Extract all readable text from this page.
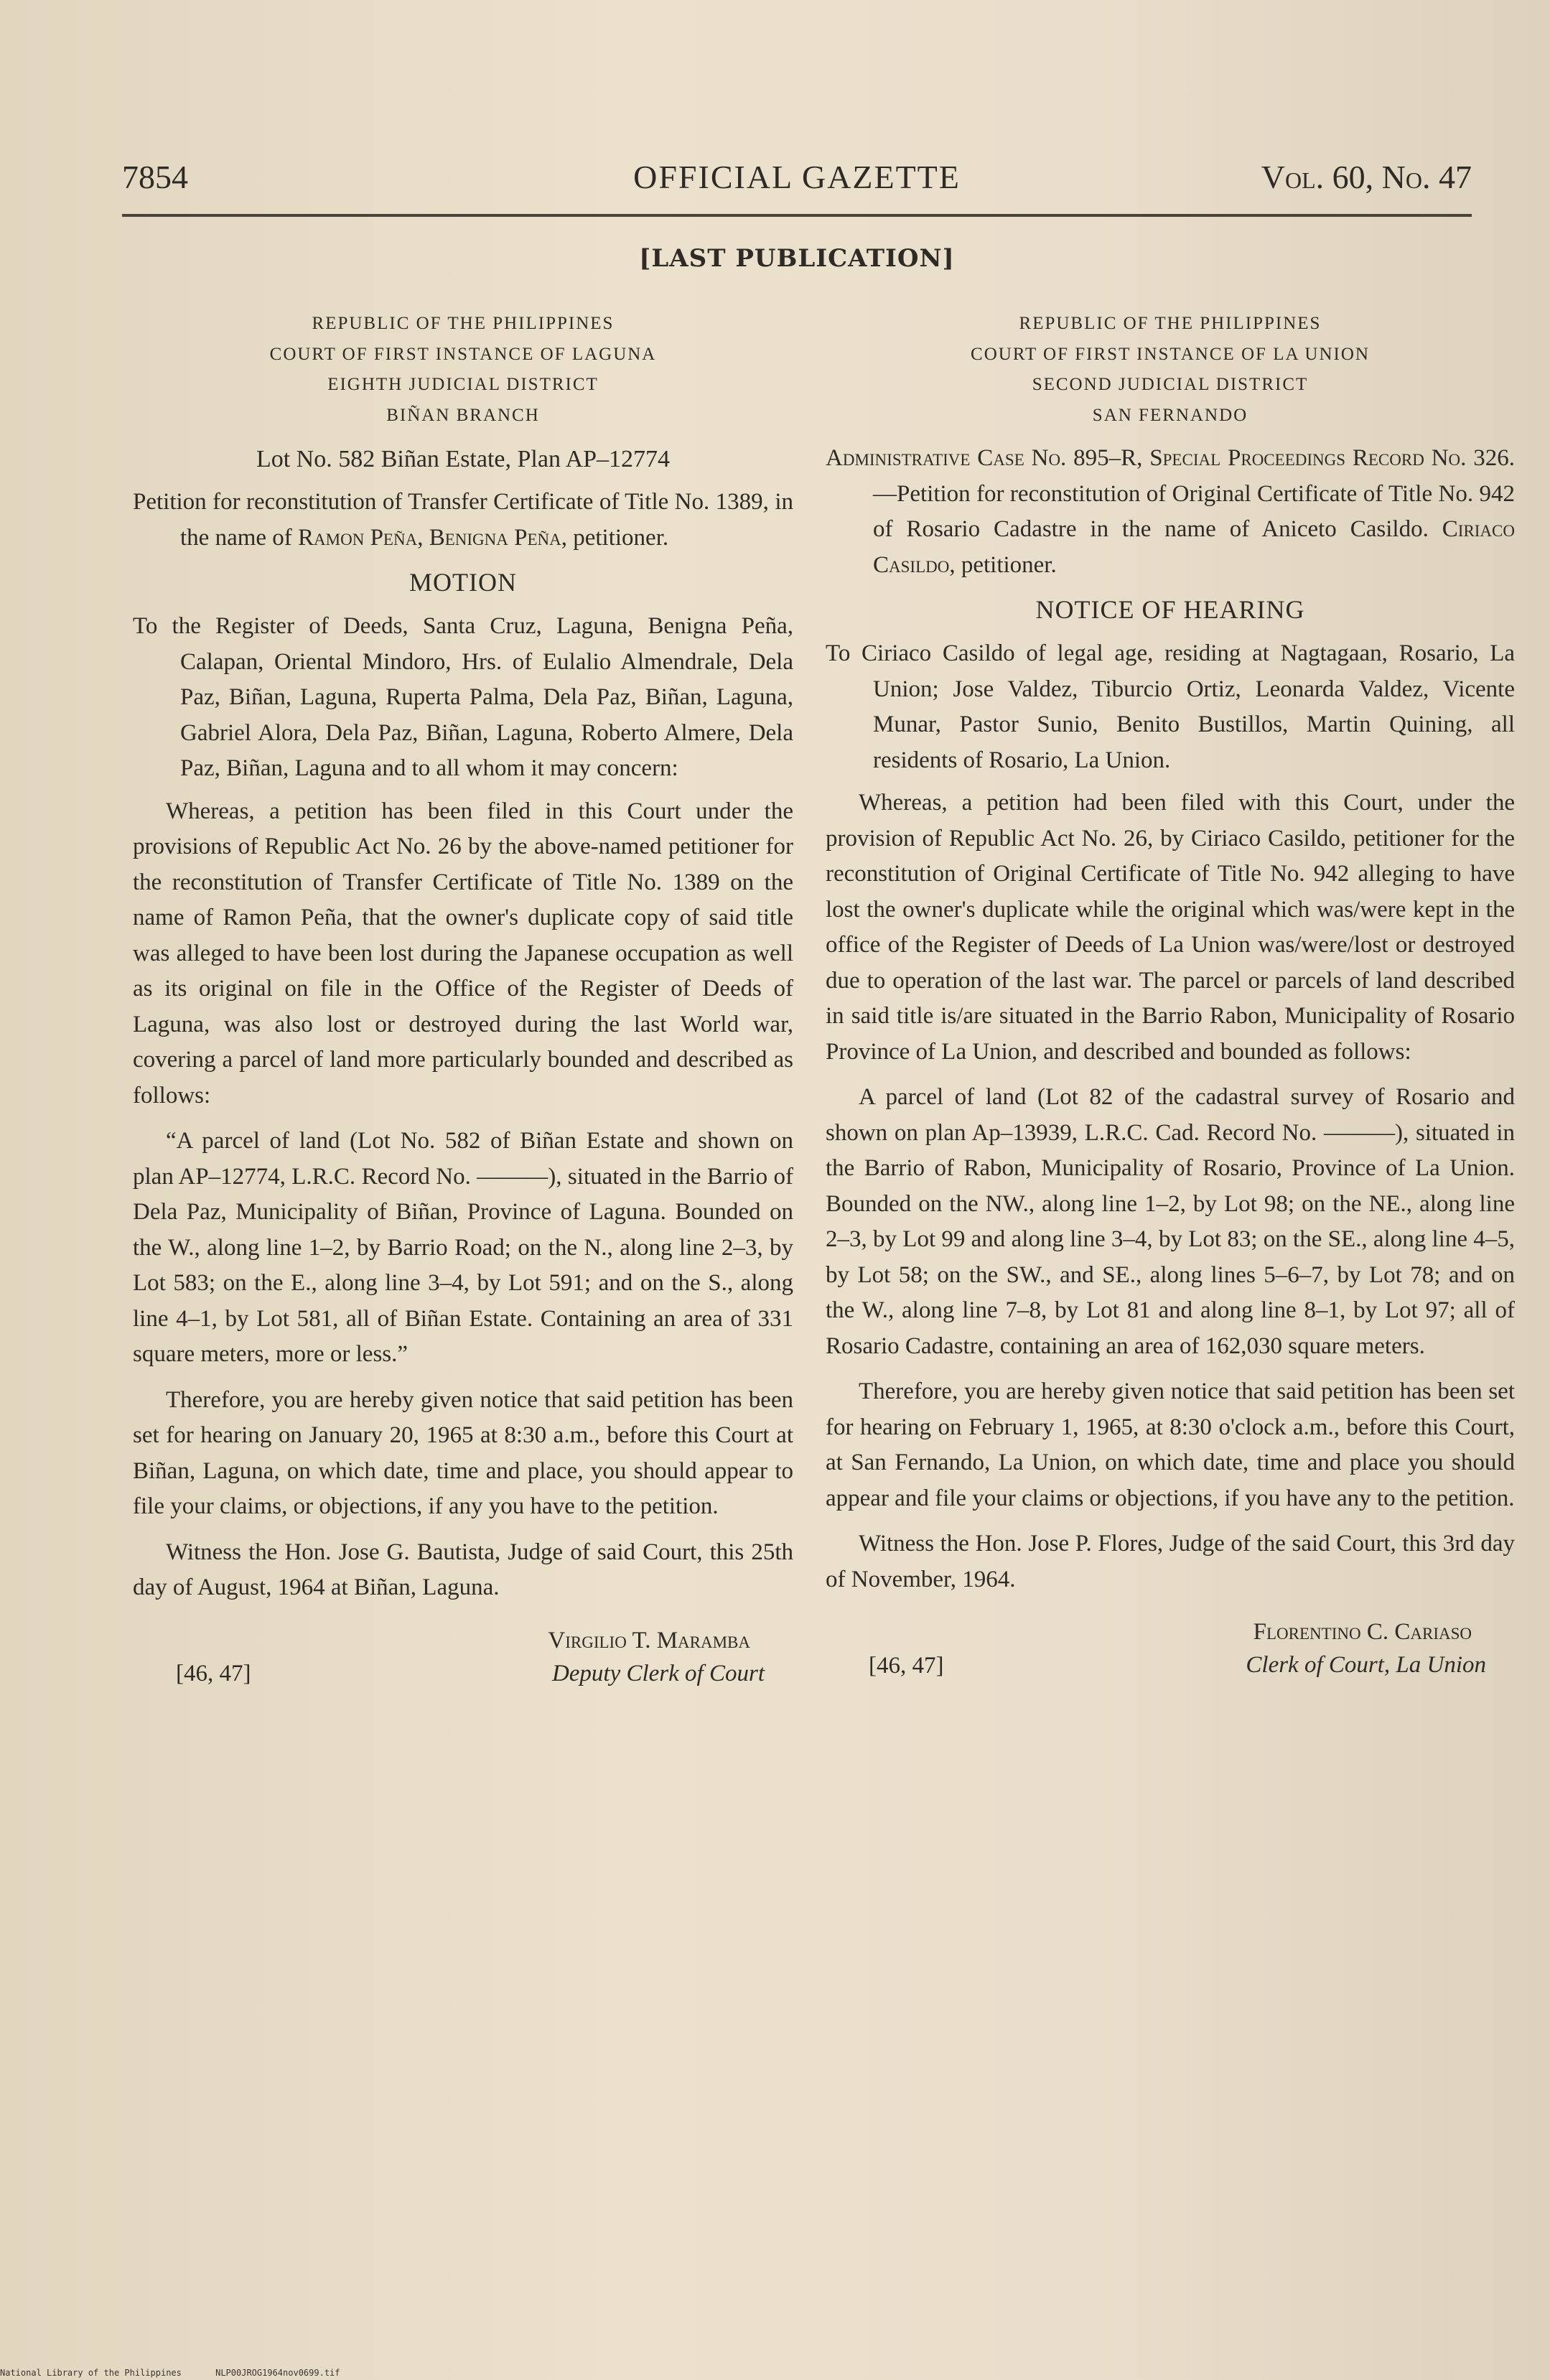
7854	OFFICIAL GAZETTE	Vol. 60, No. 47
[LAST PUBLICATION]
REPUBLIC OF THE PHILIPPINES
COURT OF FIRST INSTANCE OF LAGUNA
EIGHTH JUDICIAL DISTRICT
BIÑAN BRANCH
Lot No. 582 Biñan Estate, Plan AP–12774

Petition for reconstitution of Transfer Certificate of Title No. 1389, in the name of Ramon Peña, Benigna Peña, petitioner.

MOTION

To the Register of Deeds, Santa Cruz, Laguna, Benigna Peña, Calapan, Oriental Mindoro, Hrs. of Eulalio Almendrale, Dela Paz, Biñan, Laguna, Ruperta Palma, Dela Paz, Biñan, Laguna, Gabriel Alora, Dela Paz, Biñan, Laguna, Roberto Almere, Dela Paz, Biñan, Laguna and to all whom it may concern:

Whereas, a petition has been filed in this Court under the provisions of Republic Act No. 26 by the above-named petitioner for the reconstitution of Transfer Certificate of Title No. 1389 on the name of Ramon Peña, that the owner's duplicate copy of said title was alleged to have been lost during the Japanese occupation as well as its original on file in the Office of the Register of Deeds of Laguna, was also lost or destroyed during the last World war, covering a parcel of land more particularly bounded and described as follows:

“A parcel of land (Lot No. 582 of Biñan Estate and shown on plan AP–12774, L.R.C. Record No. ———), situated in the Barrio of Dela Paz, Municipality of Biñan, Province of Laguna. Bounded on the W., along line 1–2, by Barrio Road; on the N., along line 2–3, by Lot 583; on the E., along line 3–4, by Lot 591; and on the S., along line 4–1, by Lot 581, all of Biñan Estate. Containing an area of 331 square meters, more or less.”

Therefore, you are hereby given notice that said petition has been set for hearing on January 20, 1965 at 8:30 a.m., before this Court at Biñan, Laguna, on which date, time and place, you should appear to file your claims, or objections, if any you have to the petition.

Witness the Hon. Jose G. Bautista, Judge of said Court, this 25th day of August, 1964 at Biñan, Laguna.

[46, 47]
Virgilio T. Maramba
Deputy Clerk of Court
REPUBLIC OF THE PHILIPPINES
COURT OF FIRST INSTANCE OF LA UNION
SECOND JUDICIAL DISTRICT
SAN FERNANDO

Administrative Case No. 895–R, Special Proceedings Record No. 326.—Petition for reconstitution of Original Certificate of Title No. 942 of Rosario Cadastre in the name of Aniceto Casildo. Ciriaco Casildo, petitioner.

NOTICE OF HEARING

To Ciriaco Casildo of legal age, residing at Nagtagaan, Rosario, La Union; Jose Valdez, Tiburcio Ortiz, Leonarda Valdez, Vicente Munar, Pastor Sunio, Benito Bustillos, Martin Quining, all residents of Rosario, La Union.

Whereas, a petition had been filed with this Court, under the provision of Republic Act No. 26, by Ciriaco Casildo, petitioner for the reconstitution of Original Certificate of Title No. 942 alleging to have lost the owner's duplicate while the original which was/were kept in the office of the Register of Deeds of La Union was/were/lost or destroyed due to operation of the last war. The parcel or parcels of land described in said title is/are situated in the Barrio Rabon, Municipality of Rosario Province of La Union, and described and bounded as follows:

A parcel of land (Lot 82 of the cadastral survey of Rosario and shown on plan Ap–13939, L.R.C. Cad. Record No. ———), situated in the Barrio of Rabon, Municipality of Rosario, Province of La Union. Bounded on the NW., along line 1–2, by Lot 98; on the NE., along line 2–3, by Lot 99 and along line 3–4, by Lot 83; on the SE., along line 4–5, by Lot 58; on the SW., and SE., along lines 5–6–7, by Lot 78; and on the W., along line 7–8, by Lot 81 and along line 8–1, by Lot 97; all of Rosario Cadastre, containing an area of 162,030 square meters.

Therefore, you are hereby given notice that said petition has been set for hearing on February 1, 1965, at 8:30 o'clock a.m., before this Court, at San Fernando, La Union, on which date, time and place you should appear and file your claims or objections, if you have any to the petition.

Witness the Hon. Jose P. Flores, Judge of the said Court, this 3rd day of November, 1964.

[46, 47]
Florentino C. Cariaso
Clerk of Court, La Union
National Library of the Philippines	NLP00JROG1964nov0699.tif
